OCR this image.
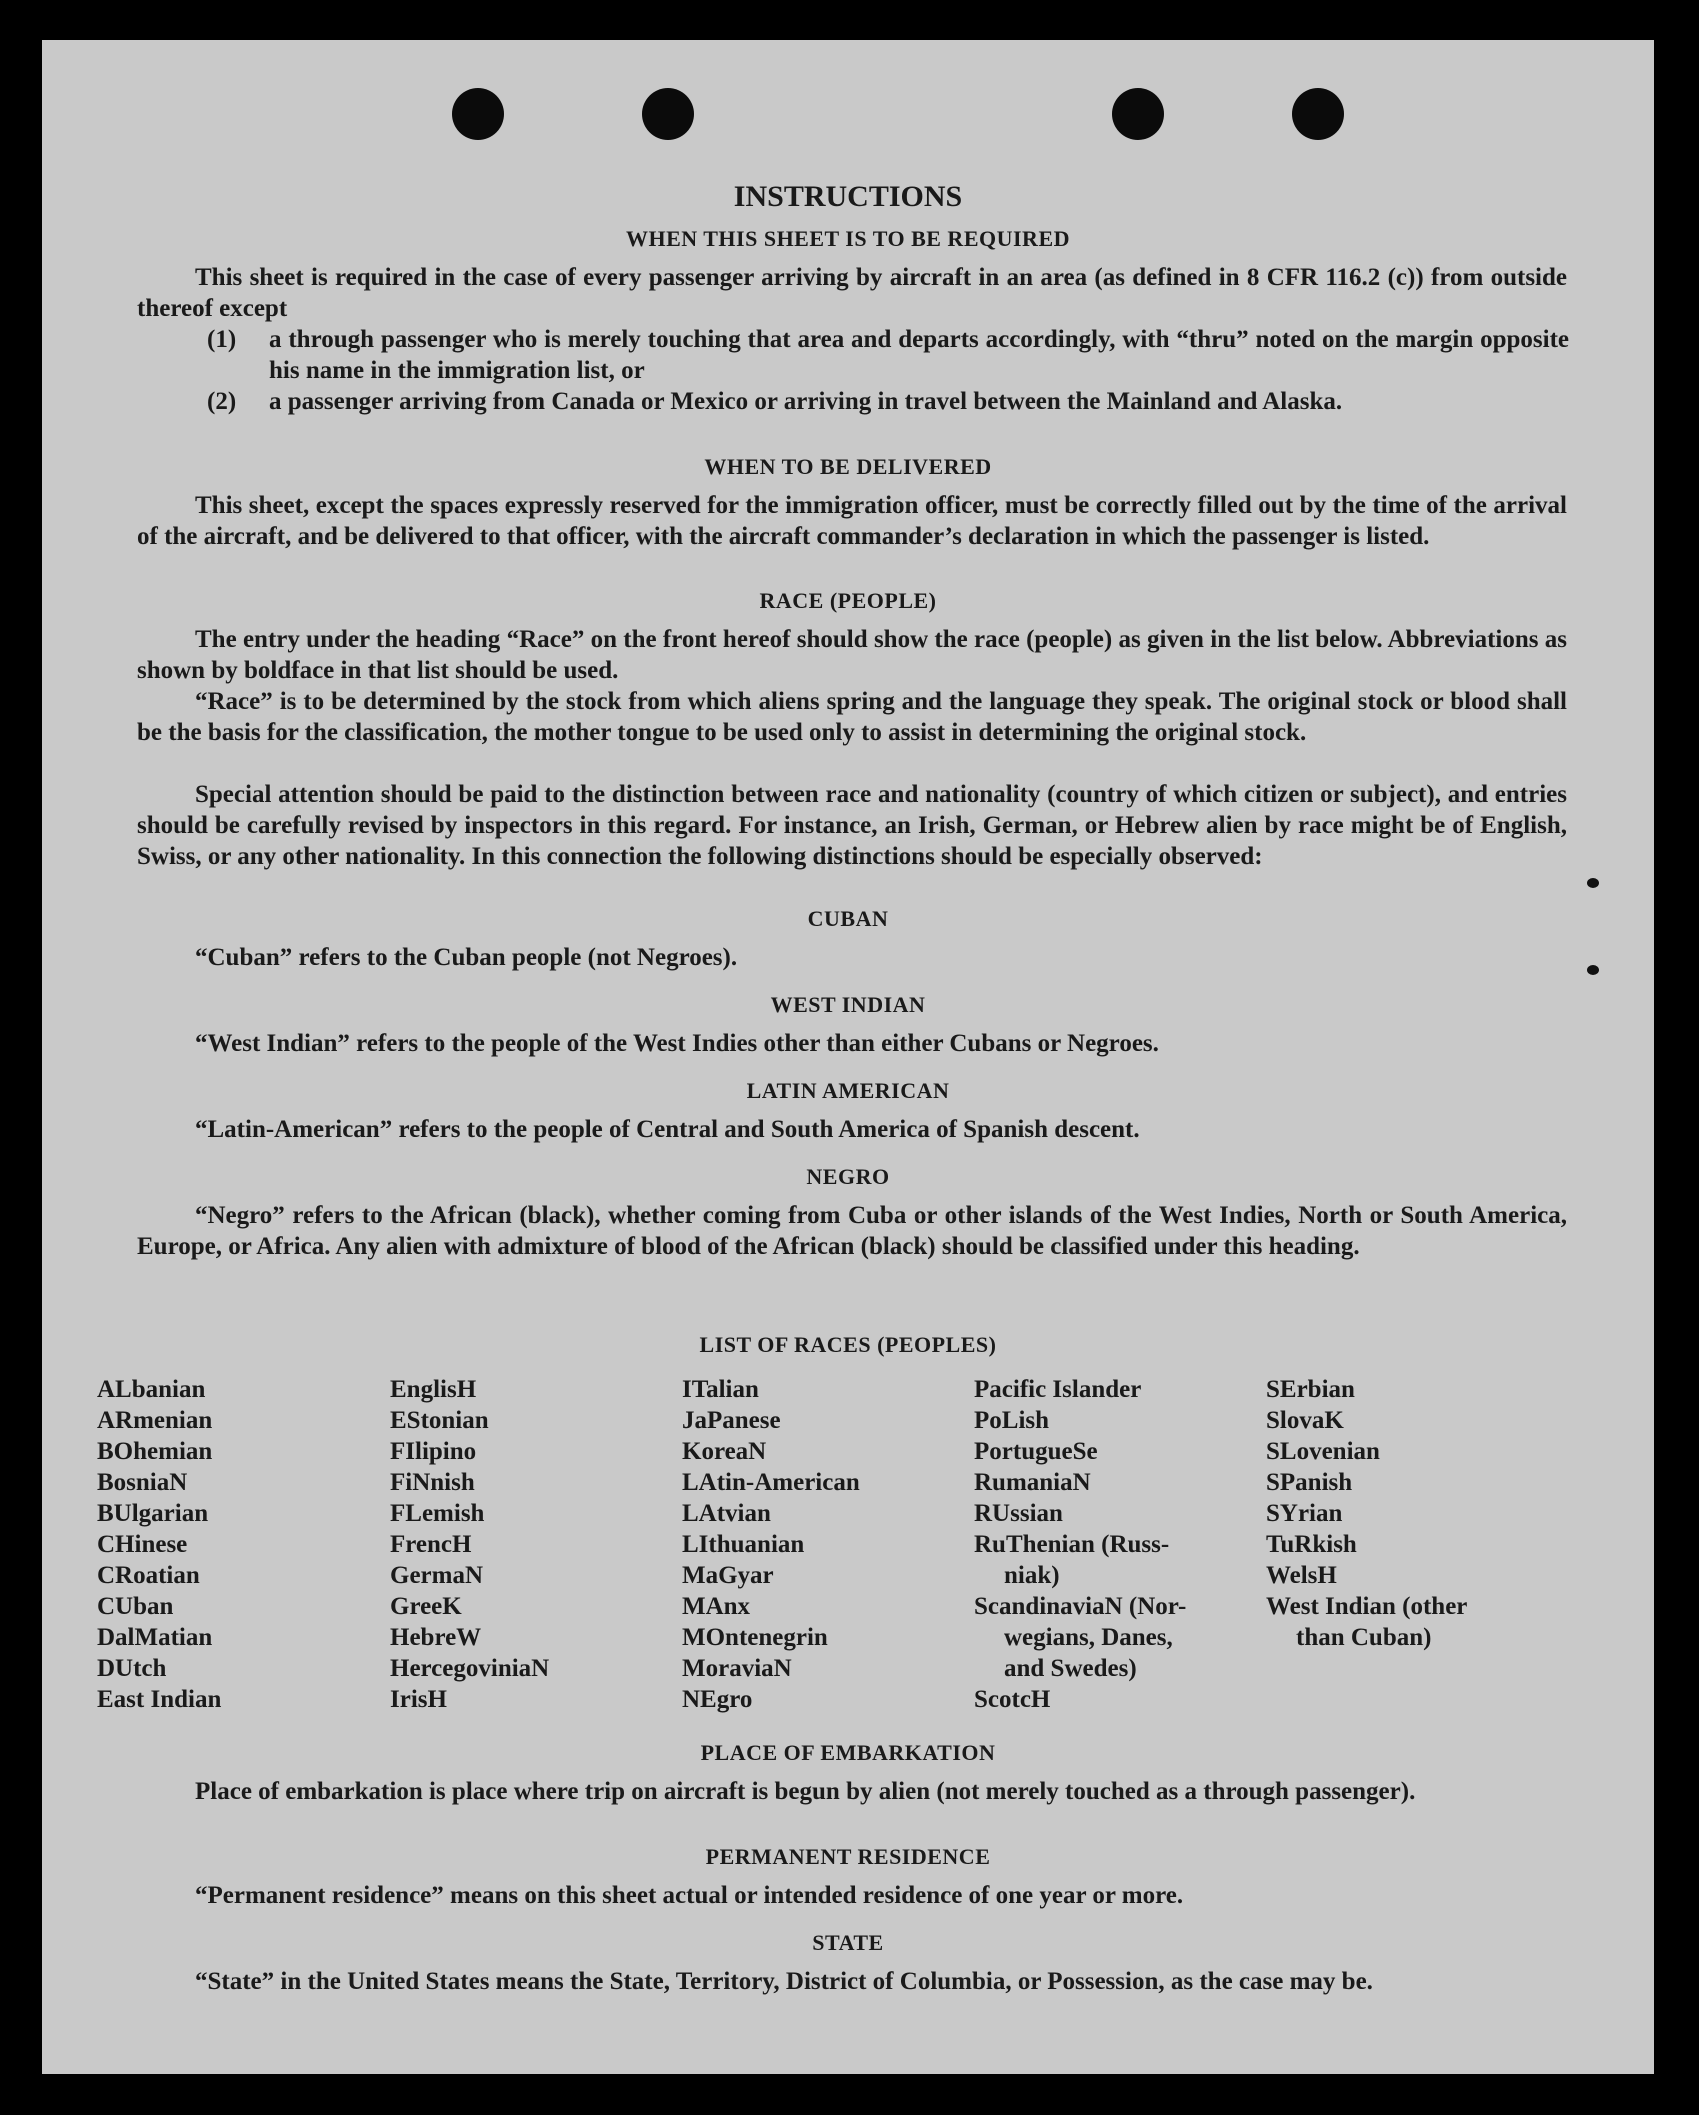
INSTRUCTIONS
WHEN THIS SHEET IS TO BE REQUIRED
This sheet is required in the case of every passenger arriving by aircraft in an area (as defined in 8 CFR 116.2 (c)) from outside thereof except
(1) a through passenger who is merely touching that area and departs accordingly, with “thru” noted on the margin opposite his name in the immigration list, or
(2) a passenger arriving from Canada or Mexico or arriving in travel between the Mainland and Alaska.
WHEN TO BE DELIVERED
This sheet, except the spaces expressly reserved for the immigration officer, must be correctly filled out by the time of the arrival of the aircraft, and be delivered to that officer, with the aircraft commander’s declaration in which the passenger is listed.
RACE (PEOPLE)
The entry under the heading “Race” on the front hereof should show the race (people) as given in the list below. Abbreviations as shown by boldface in that list should be used.
“Race” is to be determined by the stock from which aliens spring and the language they speak. The original stock or blood shall be the basis for the classification, the mother tongue to be used only to assist in determining the original stock.
Special attention should be paid to the distinction between race and nationality (country of which citizen or subject), and entries should be carefully revised by inspectors in this regard. For instance, an Irish, German, or Hebrew alien by race might be of English, Swiss, or any other nationality. In this connection the following distinctions should be especially observed:
CUBAN
“Cuban” refers to the Cuban people (not Negroes).
WEST INDIAN
“West Indian” refers to the people of the West Indies other than either Cubans or Negroes.
LATIN AMERICAN
“Latin-American” refers to the people of Central and South America of Spanish descent.
NEGRO
“Negro” refers to the African (black), whether coming from Cuba or other islands of the West Indies, North or South America, Europe, or Africa. Any alien with admixture of blood of the African (black) should be classified under this heading.
LIST OF RACES (PEOPLES)
ALbanian
ARmenian
BOhemian
BosniaN
BUlgarian
CHinese
CRoatian
CUban
DalMatian
DUtch
East Indian
EnglisH
EStonian
FIlipino
FiNnish
FLemish
FrencH
GermaN
GreeK
HebreW
HercegoviniaN
IrisH
ITalian
JaPanese
KoreaN
LAtin-American
LAtvian
LIthuanian
MaGyar
MAnx
MOntenegrin
MoraviaN
NEgro
Pacific Islander
PoLish
PortugueSe
RumaniaN
RUssian
RuThenian (Russ-
niak)
ScandinaviaN (Nor-
wegians, Danes,
and Swedes)
ScotcH
SErbian
SlovaK
SLovenian
SPanish
SYrian
TuRkish
WelsH
West Indian (other
than Cuban)
PLACE OF EMBARKATION
Place of embarkation is place where trip on aircraft is begun by alien (not merely touched as a through passenger).
PERMANENT RESIDENCE
“Permanent residence” means on this sheet actual or intended residence of one year or more.
STATE
“State” in the United States means the State, Territory, District of Columbia, or Possession, as the case may be.
